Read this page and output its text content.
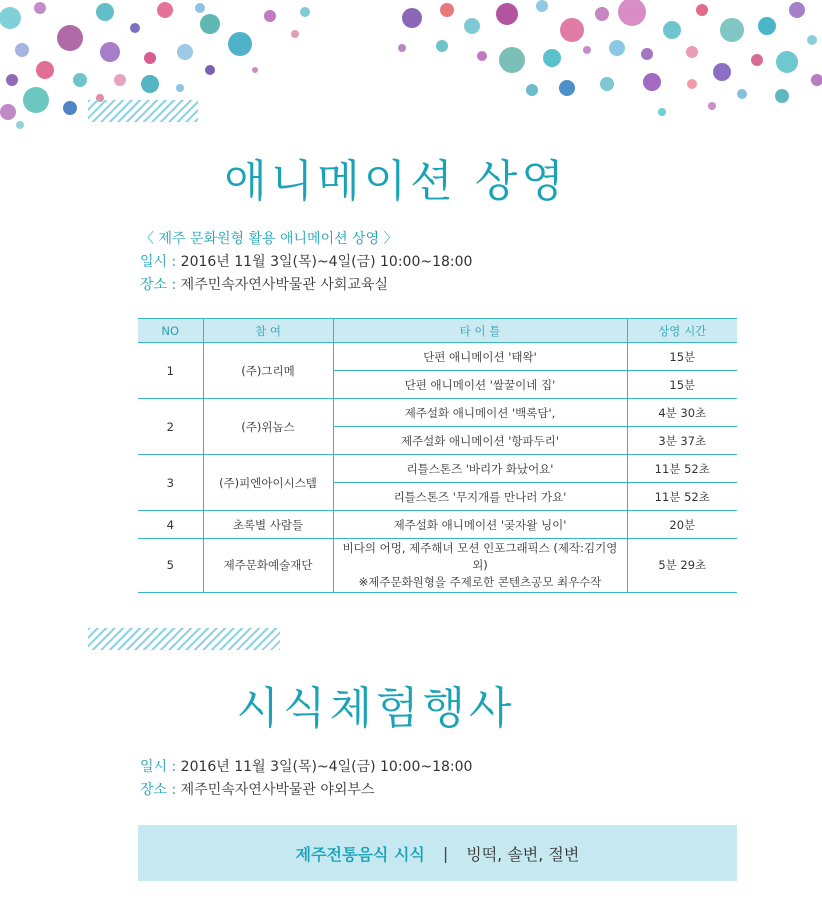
애니메이션 상영
〈 제주 문화원형 활용 애니메이션 상영 〉
일시 : 2016년 11월 3일(목)~4일(금) 10:00~18:00
장소 : 제주민속자연사박물관 사회교육실
NO	참 여	타 이 틀	상영 시간
1	(주)그리메	단편 애니메이션 '태왁'	15분
		단편 애니메이션 '쌀꿀이네 집'	15분
2	(주)위놉스	제주설화 애니메이션 '백록담',	4분 30초
		제주설화 애니메이션 '항파두리'	3분 37초
3	(주)피엔아이시스템	리틀스톤즈 '바리가 화났어요'	11분 52초
		리틀스톤즈 '무지개를 만나러 가요'	11분 52초
4	초록별 사람들	제주설화 애니메이션 '곶자왈 닝이'	20분
5	제주문화예술재단	비다의 어멍, 제주해녀 모션 인포그래픽스 (제작:김기영 외)
※제주문화원형을 주제로한 콘텐츠공모 최우수작	5분 29초
시식체험행사
일시 : 2016년 11월 3일(목)~4일(금) 10:00~18:00
장소 : 제주민속자연사박물관 야외부스
제주전통음식 시식 | 빙떡, 솔변, 절변
